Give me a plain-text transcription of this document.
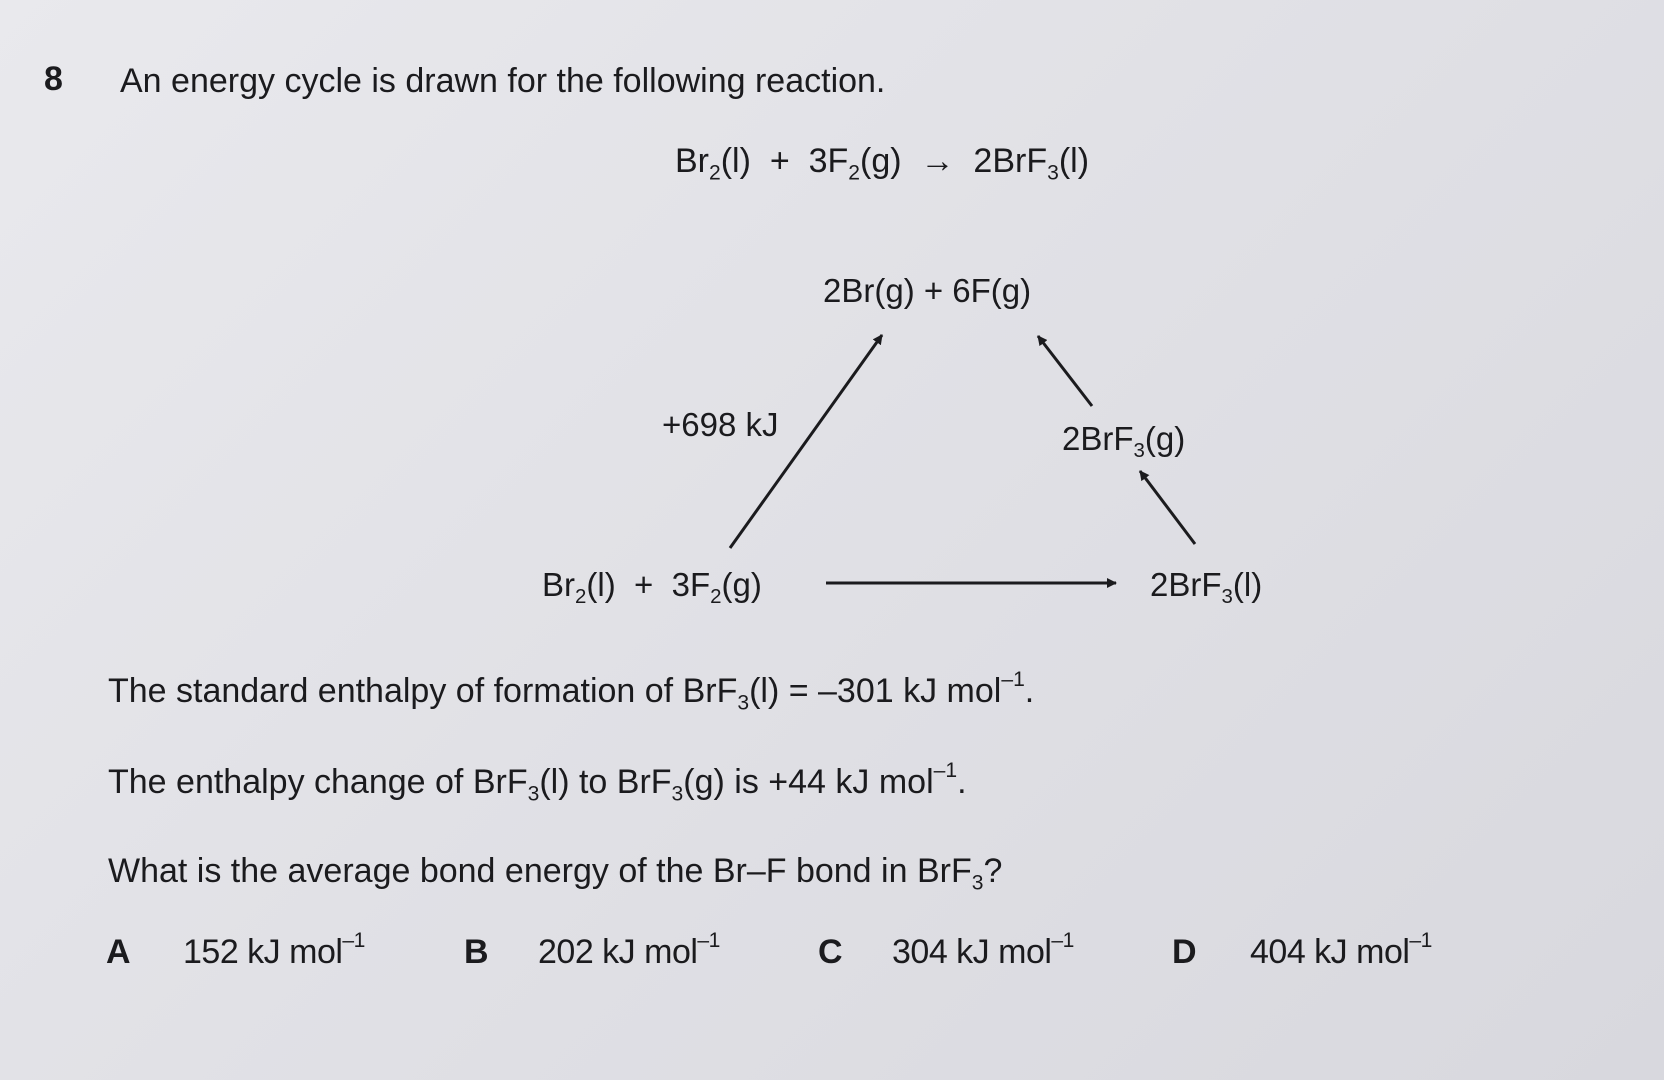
8 An energy cycle is drawn for the following reaction.
$Br_2(l) + 3F_2(g) \to 2BrF_3(l)$
2Br(g) + 6F(g)
+698 kJ	2BrF$_3$(g)
$Br_2(l) + 3F_2(g)$	2BrF$_3$(l)
The standard enthalpy of formation of BrF$_3$(l) = –301 kJ mol$^{-1}$.
The enthalpy change of BrF$_3$(l) to BrF$_3$(g) is +44 kJ mol$^{-1}$.
What is the average bond energy of the Br–F bond in BrF$_3$?
A 152 kJ mol$^{-1}$	B 202 kJ mol$^{-1}$	C 304 kJ mol$^{-1}$	D 404 kJ mol$^{-1}$
